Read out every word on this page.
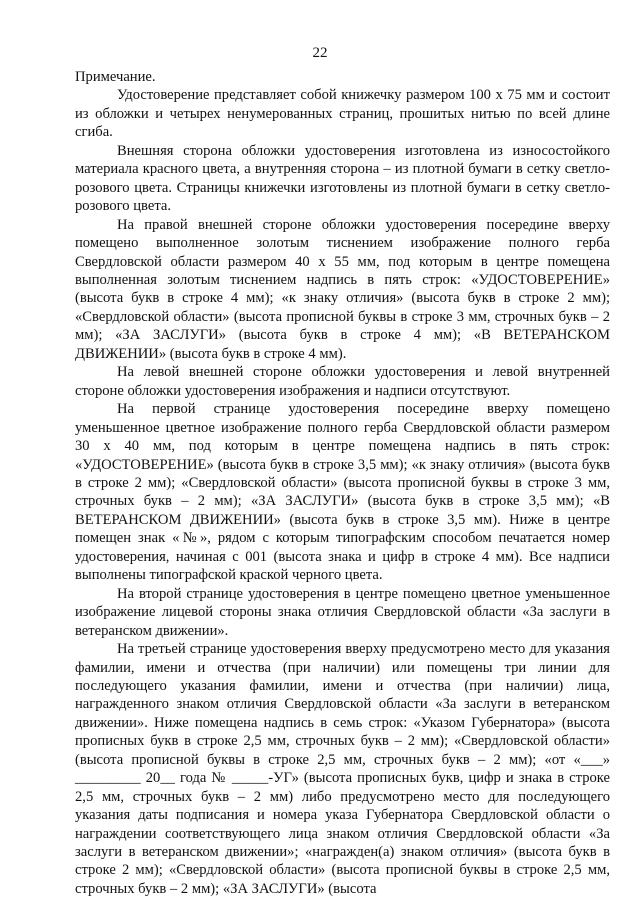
22

Примечание.

Удостоверение представляет собой книжечку размером 100 х 75 мм и состоит из обложки и четырех ненумерованных страниц, прошитых нитью по всей длине сгиба.

Внешняя сторона обложки удостоверения изготовлена из износостойкого материала красного цвета, а внутренняя сторона – из плотной бумаги в сетку светло-розового цвета. Страницы книжечки изготовлены из плотной бумаги в сетку светло-розового цвета.

На правой внешней стороне обложки удостоверения посередине вверху помещено выполненное золотым тиснением изображение полного герба Свердловской области размером 40 х 55 мм, под которым в центре помещена выполненная золотым тиснением надпись в пять строк: «УДОСТОВЕРЕНИЕ» (высота букв в строке 4 мм); «к знаку отличия» (высота букв в строке 2 мм); «Свердловской области» (высота прописной буквы в строке 3 мм, строчных букв – 2 мм); «ЗА ЗАСЛУГИ» (высота букв в строке 4 мм); «В ВЕТЕРАНСКОМ ДВИЖЕНИИ» (высота букв в строке 4 мм).

На левой внешней стороне обложки удостоверения и левой внутренней стороне обложки удостоверения изображения и надписи отсутствуют.

На первой странице удостоверения посередине вверху помещено уменьшенное цветное изображение полного герба Свердловской области размером 30 х 40 мм, под которым в центре помещена надпись в пять строк: «УДОСТОВЕРЕНИЕ» (высота букв в строке 3,5 мм); «к знаку отличия» (высота букв в строке 2 мм); «Свердловской области» (высота прописной буквы в строке 3 мм, строчных букв – 2 мм); «ЗА ЗАСЛУГИ» (высота букв в строке 3,5 мм); «В ВЕТЕРАНСКОМ ДВИЖЕНИИ» (высота букв в строке 3,5 мм). Ниже в центре помещен знак «№», рядом с которым типографским способом печатается номер удостоверения, начиная с 001 (высота знака и цифр в строке 4 мм). Все надписи выполнены типографской краской черного цвета.

На второй странице удостоверения в центре помещено цветное уменьшенное изображение лицевой стороны знака отличия Свердловской области «За заслуги в ветеранском движении».

На третьей странице удостоверения вверху предусмотрено место для указания фамилии, имени и отчества (при наличии) или помещены три линии для последующего указания фамилии, имени и отчества (при наличии) лица, награжденного знаком отличия Свердловской области «За заслуги в ветеранском движении». Ниже помещена надпись в семь строк: «Указом Губернатора» (высота прописных букв в строке 2,5 мм, строчных букв – 2 мм); «Свердловской области» (высота прописной буквы в строке 2,5 мм, строчных букв – 2 мм); «от «___» _________ 20__ года № _____-УГ» (высота прописных букв, цифр и знака в строке 2,5 мм, строчных букв – 2 мм) либо предусмотрено место для последующего указания даты подписания и номера указа Губернатора Свердловской области о награждении соответствующего лица знаком отличия Свердловской области «За заслуги в ветеранском движении»; «награжден(а) знаком отличия» (высота букв в строке 2 мм); «Свердловской области» (высота прописной буквы в строке 2,5 мм, строчных букв – 2 мм); «ЗА ЗАСЛУГИ» (высота
